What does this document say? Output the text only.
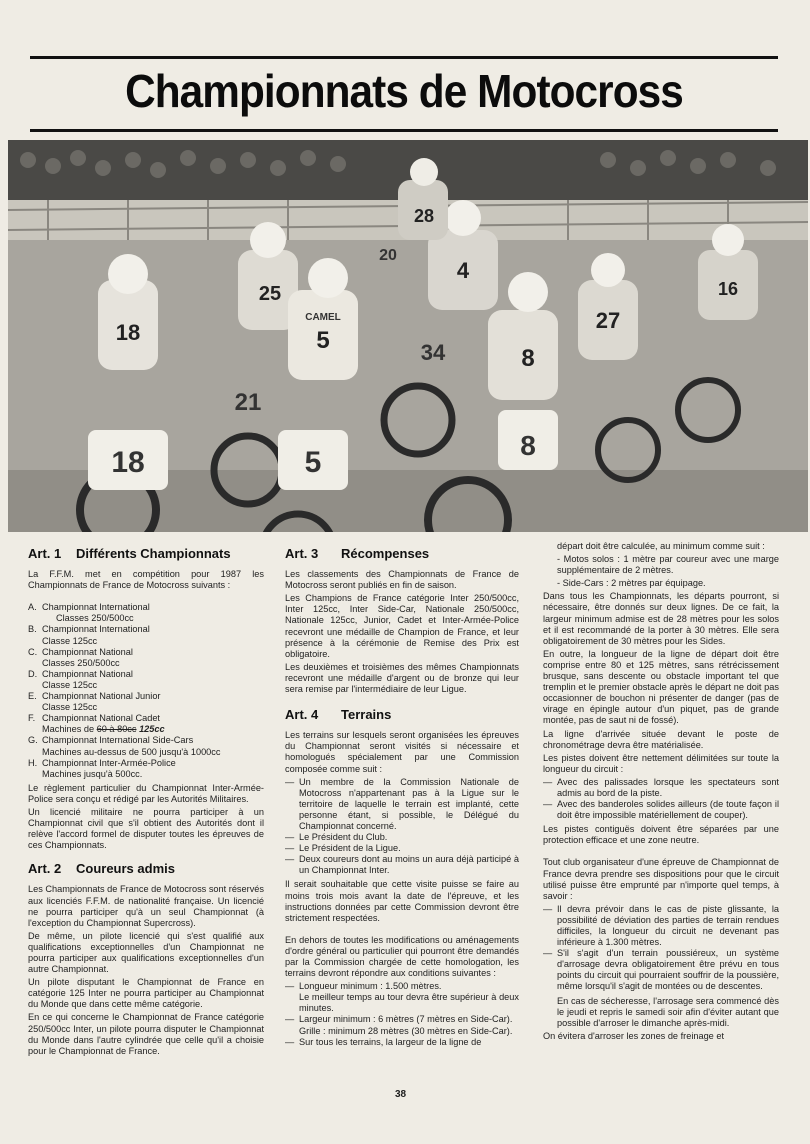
Championnats de Motocross
18
18
25
21
5
5
CAMEL
4
34	8
8
27
28
20
16
Art. 1 Différents Championnats

La F.F.M. met en compétition pour 1987 les Championnats de France de Motocross suivants :

A. Championnat International
Classes 250/500cc
B. Championnat International
Classe 125cc
C. Championnat National
Classes 250/500cc
D. Championnat National
Classe 125cc
E. Championnat National Junior
Classe 125cc
F. Championnat National Cadet
Machines de 60 à 80cc 125cc
G. Championnat International Side-Cars
Machines au-dessus de 500 jusqu'à 1000cc
H. Championnat Inter-Armée-Police
Machines jusqu'à 500cc.

Le règlement particulier du Championnat Inter-Armée-Police sera conçu et rédigé par les Autorités Militaires.

Un licencié militaire ne pourra participer à un Championnat civil que s'il obtient des Autorités dont il relève l'accord formel de disputer toutes les épreuves de ces Championnats.

Art. 2 Coureurs admis

Les Championnats de France de Motocross sont réservés aux licenciés F.F.M. de nationalité française. Un licencié ne pourra participer qu'à un seul Championnat (à l'exception du Championnat Supercross).

De même, un pilote licencié qui s'est qualifié aux qualifications exceptionnelles d'un Championnat ne pourra participer aux qualifications exceptionnelles d'un autre Championnat.

Un pilote disputant le Championnat de France en catégorie 125 Inter ne pourra participer au Championnat du Monde que dans cette même catégorie.

En ce qui concerne le Championnat de France catégorie 250/500cc Inter, un pilote pourra disputer le Championnat du Monde dans l'autre cylindrée que celle qu'il a choisie pour le Championnat de France.

Art. 3 Récompenses

Les classements des Championnats de France de Motocross seront publiés en fin de saison.

Les Champions de France catégorie Inter 250/500cc, Inter 125cc, Inter Side-Car, Nationale 250/500cc, Nationale 125cc, Junior, Cadet et Inter-Armée-Police recevront une médaille de Champion de France, et leur présence à la cérémonie de Remise des Prix est obligatoire.

Les deuxièmes et troisièmes des mêmes Championnats recevront une médaille d'argent ou de bronze qui leur sera remise par l'intermédiaire de leur Ligue.

Art. 4 Terrains

Les terrains sur lesquels seront organisées les épreuves du Championnat seront visités si nécessaire et homologués spécialement par une Commission composée comme suit :

— Un membre de la Commission Nationale de Motocross n'appartenant pas à la Ligue sur le territoire de laquelle le terrain est implanté, cette personne étant, si possible, le Délégué du Championnat concerné.
— Le Président du Club.
— Le Président de la Ligue.
— Deux coureurs dont au moins un aura déjà participé à un Championnat Inter.

Il serait souhaitable que cette visite puisse se faire au moins trois mois avant la date de l'épreuve, et les instructions données par cette Commission devront être strictement respectées.

En dehors de toutes les modifications ou aménagements d'ordre général ou particulier qui pourront être demandés par la Commission chargée de cette homologation, les terrains devront répondre aux conditions suivantes :

— Longueur minimum : 1.500 mètres.
Le meilleur temps au tour devra être supérieur à deux minutes.
— Largeur minimum : 6 mètres (7 mètres en Side-Car).
Grille : minimum 28 mètres (30 mètres en Side-Car).
— Sur tous les terrains, la largeur de la ligne de

départ doit être calculée, au minimum comme suit :

- Motos solos : 1 mètre par coureur avec une marge supplémentaire de 2 mètres.

- Side-Cars : 2 mètres par équipage.

Dans tous les Championnats, les départs pourront, si nécessaire, être donnés sur deux lignes. De ce fait, la largeur minimum admise est de 28 mètres pour les solos et il est recommandé de la porter à 30 mètres. Elle sera obligatoirement de 30 mètres pour les Sides.

En outre, la longueur de la ligne de départ doit être comprise entre 80 et 125 mètres, sans rétrécissement brusque, sans descente ou obstacle important tel que tremplin et le premier obstacle après le départ ne doit pas occasionner de bouchon ni présenter de danger (pas de virage en épingle autour d'un piquet, pas de grande montée, pas de saut ni de fossé).

La ligne d'arrivée située devant le poste de chronométrage devra être matérialisée.

Les pistes doivent être nettement délimitées sur toute la longueur du circuit :

— Avec des palissades lorsque les spectateurs sont admis au bord de la piste.
— Avec des banderoles solides ailleurs (de toute façon il doit être impossible matériellement de couper).

Les pistes contiguës doivent être séparées par une protection efficace et une zone neutre.

Tout club organisateur d'une épreuve de Championnat de France devra prendre ses dispositions pour que le circuit utilisé puisse être emprunté par n'importe quel temps, à savoir :

— Il devra prévoir dans le cas de piste glissante, la possibilité de déviation des parties de terrain rendues difficiles, la longueur du circuit ne devenant pas inférieure à 1.300 mètres.
— S'il s'agit d'un terrain poussiéreux, un système d'arrosage devra obligatoirement être prévu en tous points du circuit qui pourraient souffrir de la poussière, même lorsqu'il s'agit de montées ou de descentes.

En cas de sécheresse, l'arrosage sera commencé dès le jeudi et repris le samedi soir afin d'éviter autant que possible d'arroser le dimanche après-midi.

On évitera d'arroser les zones de freinage et

38
